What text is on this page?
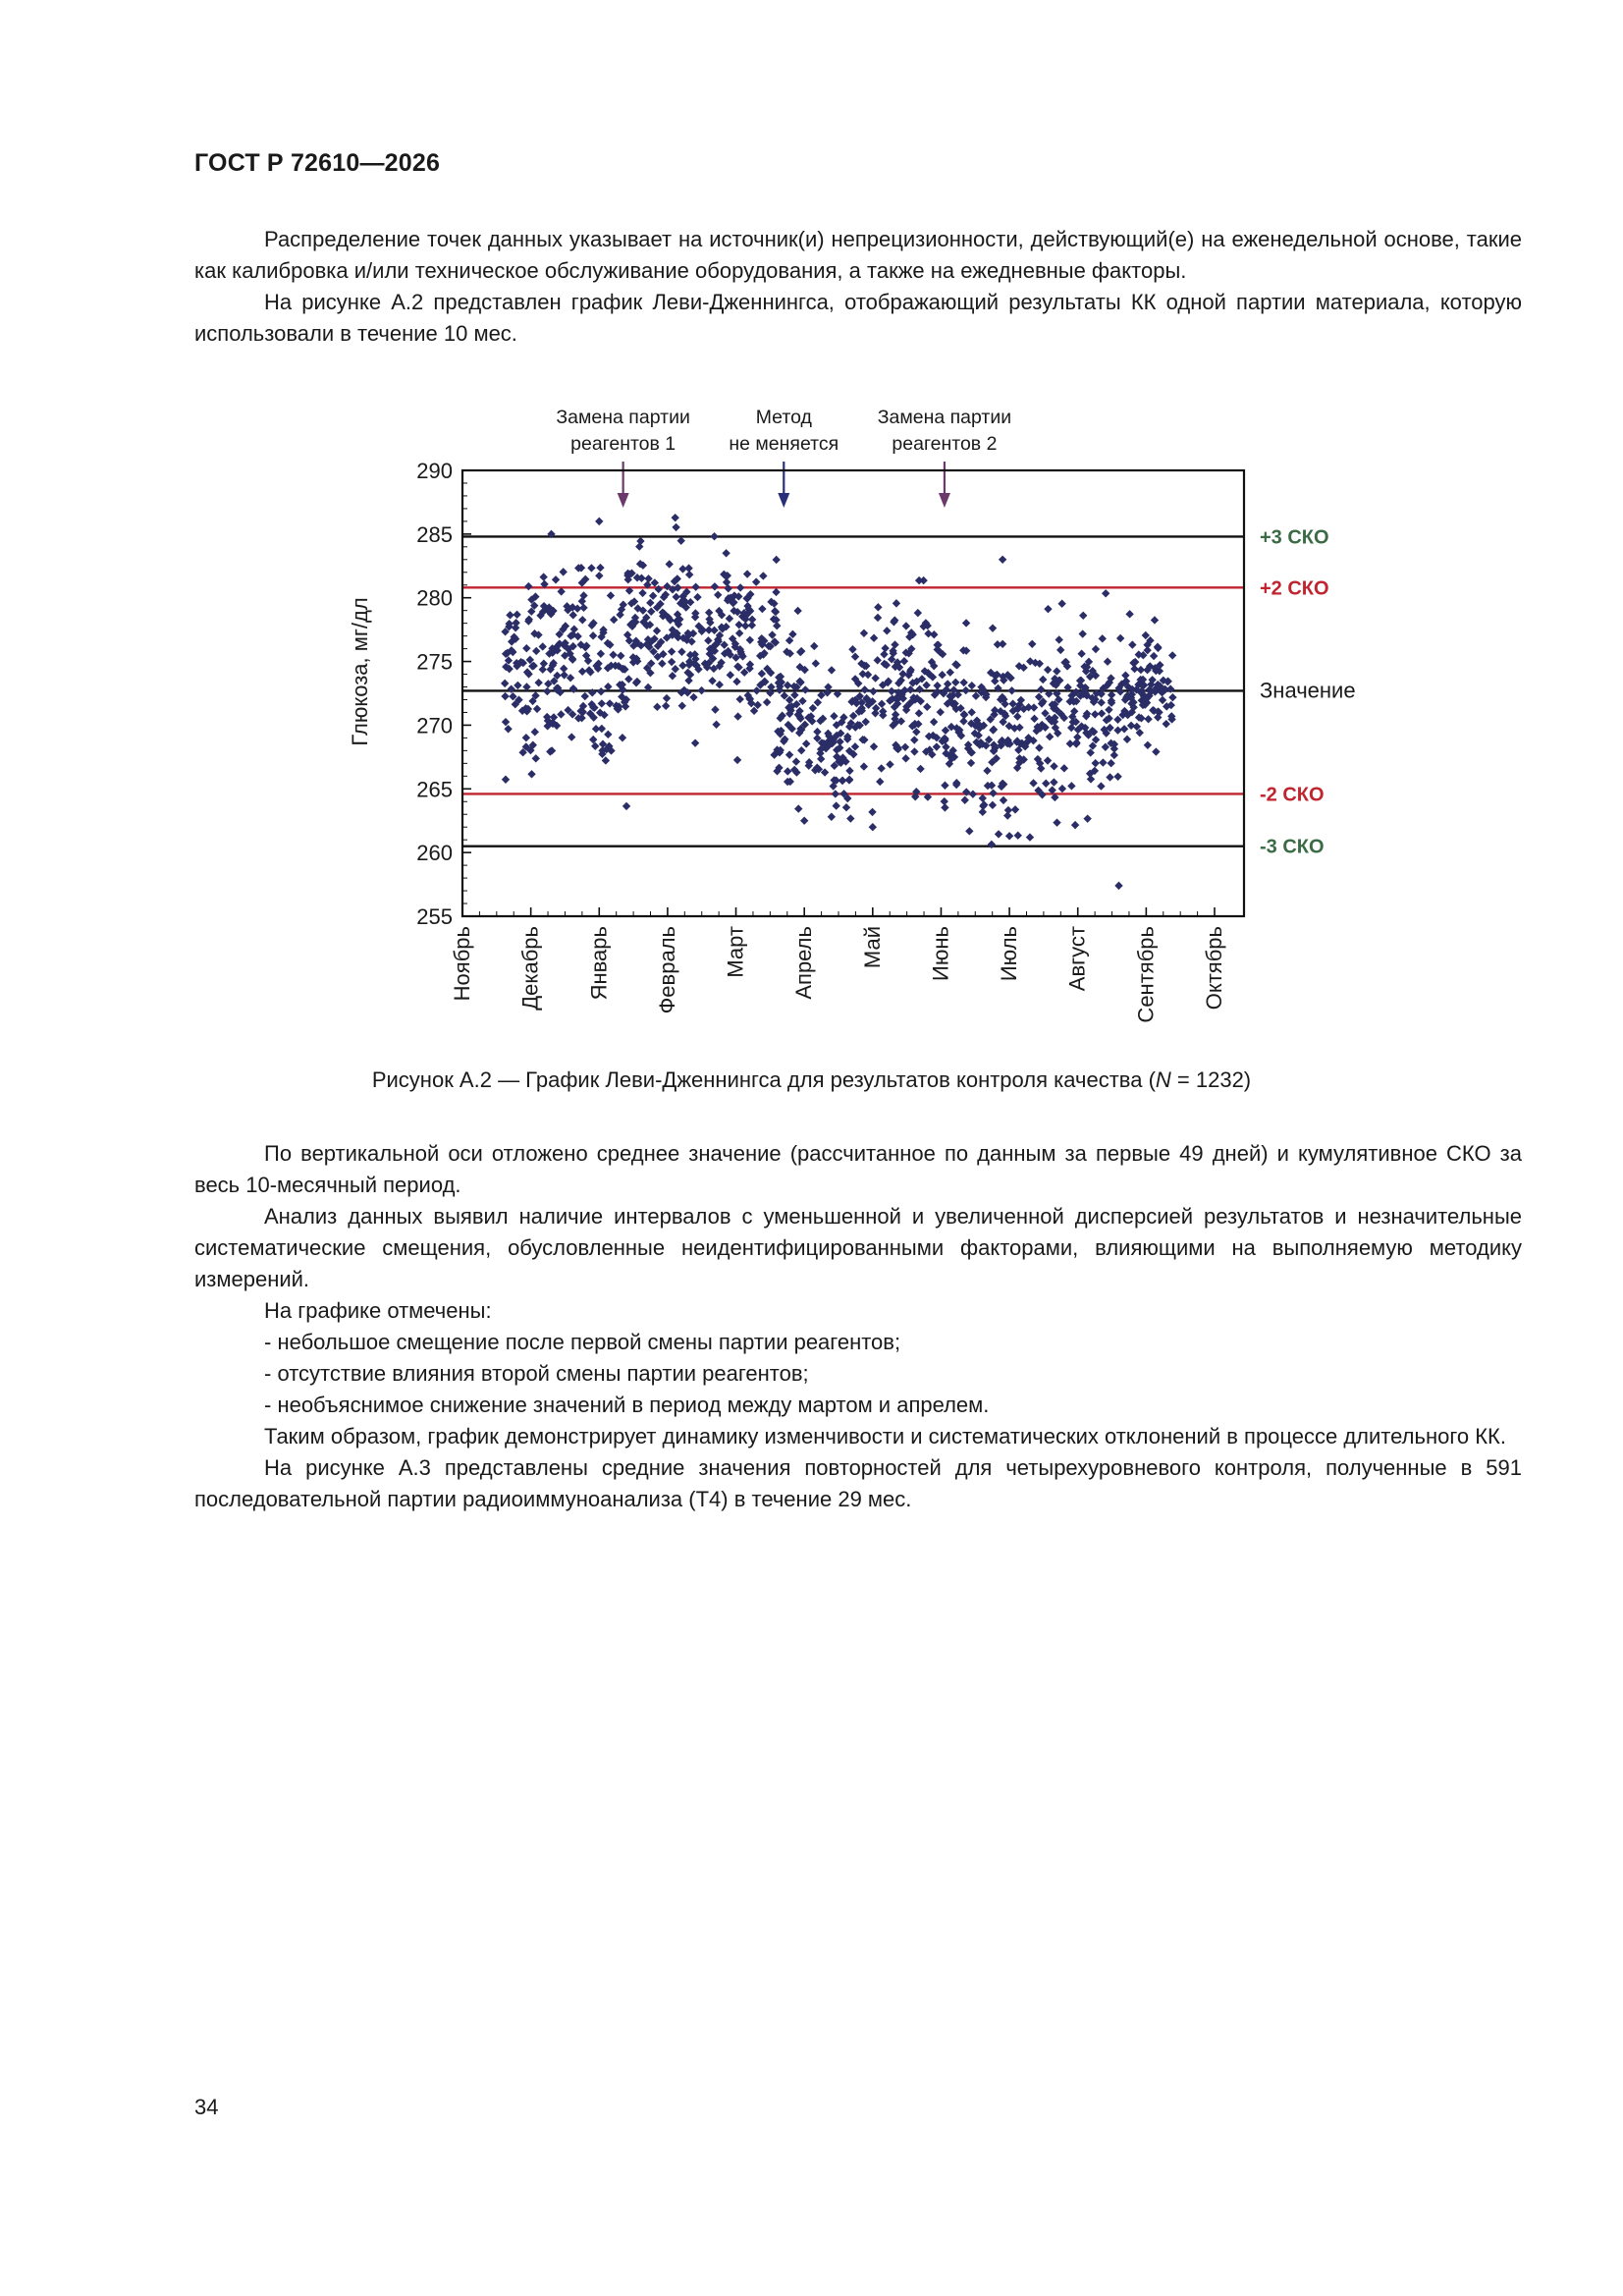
ГОСТ Р 72610—2026

Распределение точек данных указывает на источник(и) непрецизионности, действующий(е) на еженедельной основе, такие как калибровка и/или техническое обслуживание оборудования, а также на ежедневные факторы.

На рисунке А.2 представлен график Леви-Дженнингса, отображающий результаты КК одной партии материала, которую использовали в течение 10 мес.

Замена партии
реагентов 1
Метод
не меняется
Замена партии
реагентов 2
255
260
265
270
275
280
285
290
Ноябрь Декабрь Январь Февраль Март Апрель Май Июнь Июль Август Сентябрь Октябрь
+3 СКО
+2 СКО
Значение
-2 СКО
-3 СКО
Глюкоза, мг/дл
Рисунок А.2 — График Леви-Дженнингса для результатов контроля качества (N = 1232)

По вертикальной оси отложено среднее значение (рассчитанное по данным за первые 49 дней) и кумулятивное СКО за весь 10-месячный период.

Анализ данных выявил наличие интервалов с уменьшенной и увеличенной дисперсией результатов и незначительные систематические смещения, обусловленные неидентифицированными факторами, влияющими на выполняемую методику измерений.

На графике отмечены:

- небольшое смещение после первой смены партии реагентов;

- отсутствие влияния второй смены партии реагентов;

- необъяснимое снижение значений в период между мартом и апрелем.

Таким образом, график демонстрирует динамику изменчивости и систематических отклонений в процессе длительного КК.

На рисунке А.3 представлены средние значения повторностей для четырехуровневого контроля, полученные в 591 последовательной партии радиоиммуноанализа (Т4) в течение 29 мес.

34
